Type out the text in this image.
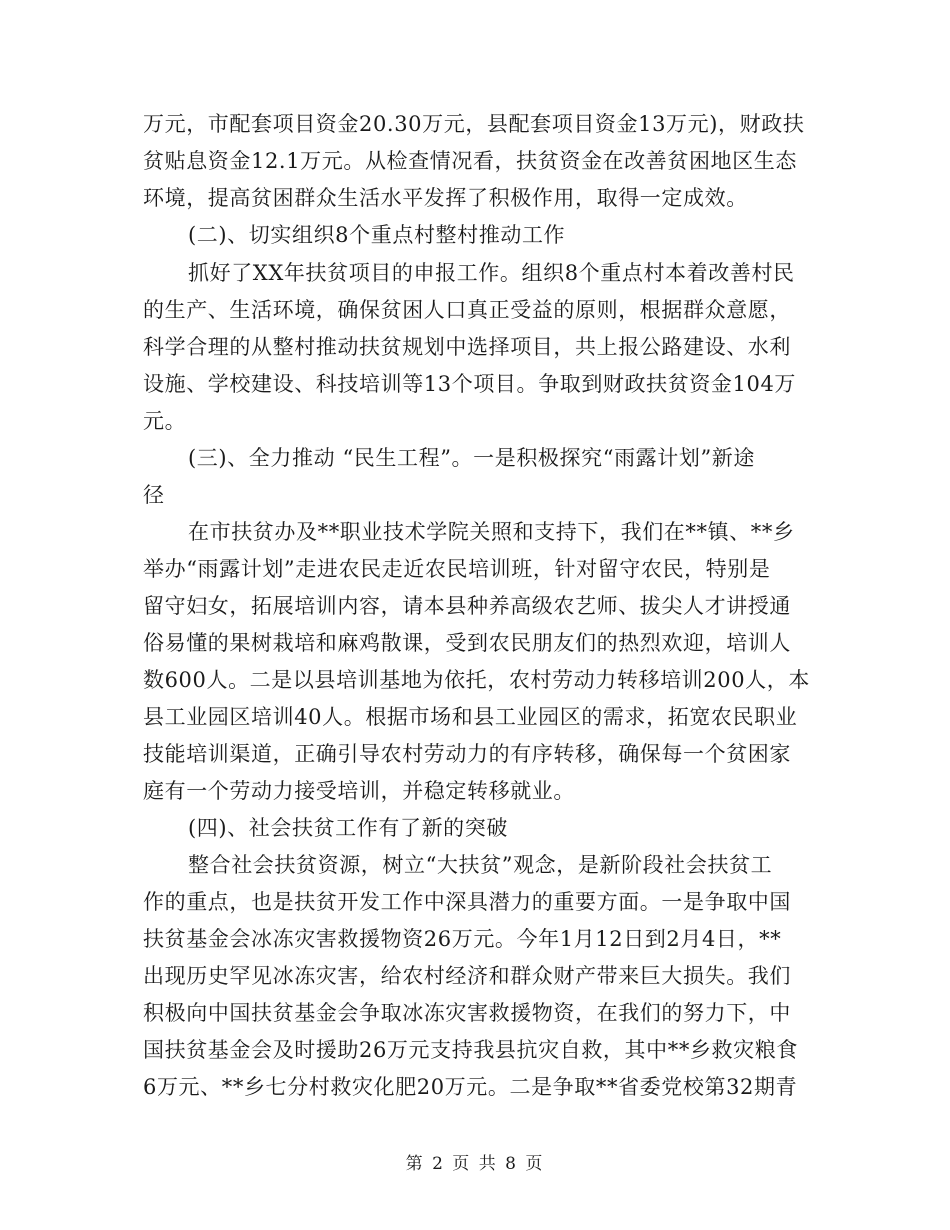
万元，市配套项目资金20.30万元，县配套项目资金13万元)，财政扶
贫贴息资金12.1万元。从检查情况看，扶贫资金在改善贫困地区生态
环境，提高贫困群众生活水平发挥了积极作用，取得一定成效。
(二)、切实组织8个重点村整村推动工作
抓好了XX年扶贫项目的申报工作。组织8个重点村本着改善村民
的生产、生活环境，确保贫困人口真正受益的原则，根据群众意愿，
科学合理的从整村推动扶贫规划中选择项目，共上报公路建设、水利
设施、学校建设、科技培训等13个项目。争取到财政扶贫资金104万
元。
(三)、全力推动 “民生工程”。一是积极探究“雨露计划”新途
径
在市扶贫办及**职业技术学院关照和支持下，我们在**镇、**乡
举办“雨露计划”走进农民走近农民培训班，针对留守农民，特别是
留守妇女，拓展培训内容，请本县种养高级农艺师、拔尖人才讲授通
俗易懂的果树栽培和麻鸡散课，受到农民朋友们的热烈欢迎，培训人
数600人。二是以县培训基地为依托，农村劳动力转移培训200人，本
县工业园区培训40人。根据市场和县工业园区的需求，拓宽农民职业
技能培训渠道，正确引导农村劳动力的有序转移，确保每一个贫困家
庭有一个劳动力接受培训，并稳定转移就业。
(四)、社会扶贫工作有了新的突破
整合社会扶贫资源，树立“大扶贫”观念，是新阶段社会扶贫工
作的重点，也是扶贫开发工作中深具潜力的重要方面。一是争取中国
扶贫基金会冰冻灾害救援物资26万元。今年1月12日到2月4日，**
出现历史罕见冰冻灾害，给农村经济和群众财产带来巨大损失。我们
积极向中国扶贫基金会争取冰冻灾害救援物资，在我们的努力下，中
国扶贫基金会及时援助26万元支持我县抗灾自救，其中**乡救灾粮食
6万元、**乡七分村救灾化肥20万元。二是争取**省委党校第32期青
第 2 页 共 8 页
